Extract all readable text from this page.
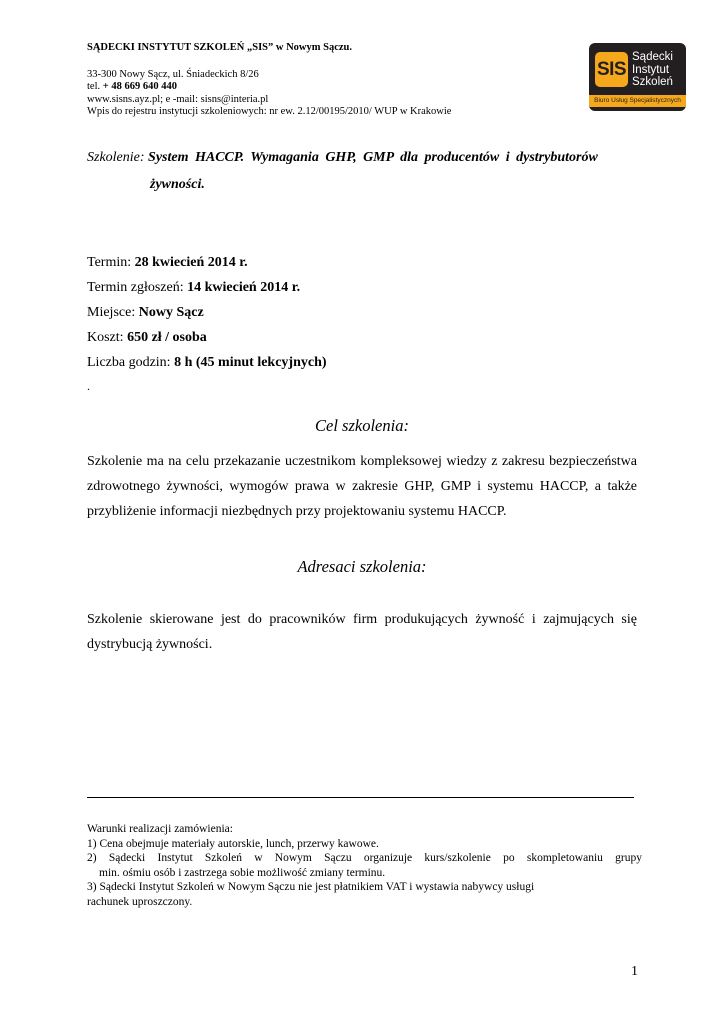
SĄDECKI INSTYTUT SZKOLEŃ „SIS” w Nowym Sączu.
33-300 Nowy Sącz, ul. Śniadeckich 8/26
tel. + 48 669 640 440
www.sisns.ayz.pl; e -mail: sisns@interia.pl
Wpis do rejestru instytucji szkoleniowych: nr ew. 2.12/00195/2010/ WUP w Krakowie
SIS
Sądecki
Instytut
Szkoleń
Biuro Usług Specjalistycznych
Szkolenie: System HACCP. Wymagania GHP, GMP dla producentów i dystrybutorów
żywności.
Termin: 28 kwiecień 2014 r.
Termin zgłoszeń: 14 kwiecień 2014 r.
Miejsce: Nowy Sącz
Koszt: 650 zł / osoba
Liczba godzin: 8 h (45 minut lekcyjnych)
.
Cel szkolenia:
Szkolenie ma na celu przekazanie uczestnikom kompleksowej wiedzy z zakresu bezpieczeństwa
zdrowotnego żywności, wymogów prawa w zakresie GHP, GMP i systemu HACCP, a także
przybliżenie informacji niezbędnych przy projektowaniu systemu HACCP.
Adresaci szkolenia:
Szkolenie skierowane jest do pracowników firm produkujących żywność i zajmujących się
dystrybucją żywności.
Warunki realizacji zamówienia:
1) Cena obejmuje materiały autorskie, lunch, przerwy kawowe.
2) Sądecki Instytut Szkoleń w Nowym Sączu organizuje kurs/szkolenie po skompletowaniu grupy
min. ośmiu osób i zastrzega sobie możliwość zmiany terminu.
3) Sądecki Instytut Szkoleń w Nowym Sączu nie jest płatnikiem VAT i wystawia nabywcy usługi
rachunek uproszczony.
1
